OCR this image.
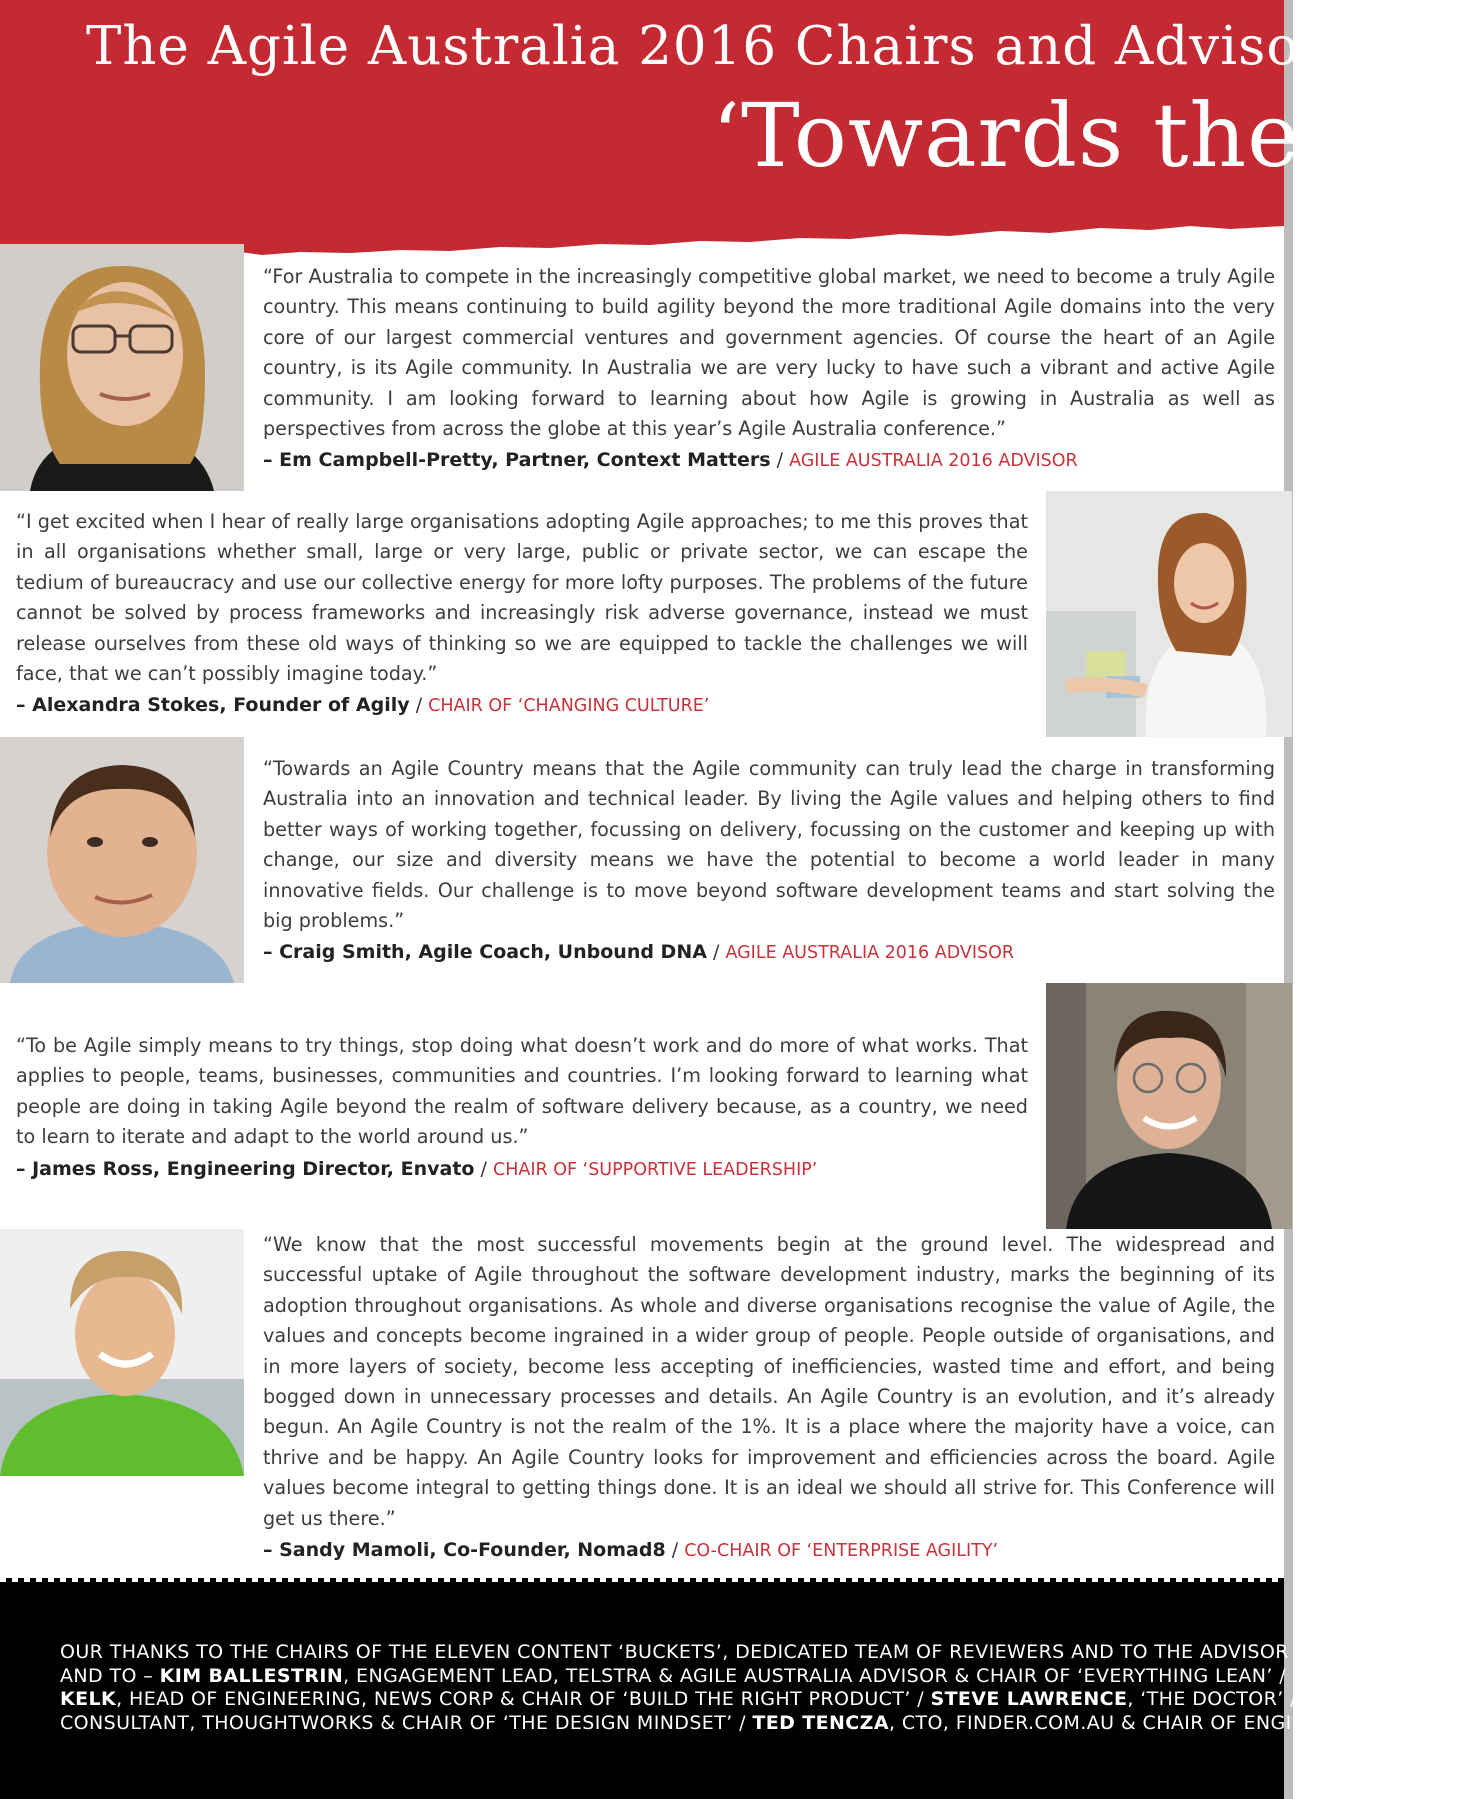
The Agile Australia 2016 Chairs and Advisors sha
‘Towards the A

“For Australia to compete in the increasingly competitive global market, we need to become a truly Agile country. This means continuing to build agility beyond the more traditional Agile domains into the very core of our largest commercial ventures and government agencies. Of course the heart of an Agile country, is its Agile community. In Australia we are very lucky to have such a vibrant and active Agile community. I am looking forward to learning about how Agile is growing in Australia as well as perspectives from across the globe at this year’s Agile Australia conference.”

– Em Campbell-Pretty, Partner, Context Matters / AGILE AUSTRALIA 2016 ADVISOR

“I get excited when I hear of really large organisations adopting Agile approaches; to me this proves that in all organisations whether small, large or very large, public or private sector, we can escape the tedium of bureaucracy and use our collective energy for more lofty purposes. The problems of the future cannot be solved by process frameworks and increasingly risk adverse governance, instead we must release ourselves from these old ways of thinking so we are equipped to tackle the challenges we will face, that we can’t possibly imagine today.”

– Alexandra Stokes, Founder of Agily / CHAIR OF ‘CHANGING CULTURE’

“Towards an Agile Country means that the Agile community can truly lead the charge in transforming Australia into an innovation and technical leader. By living the Agile values and helping others to find better ways of working together, focussing on delivery, focussing on the customer and keeping up with change, our size and diversity means we have the potential to become a world leader in many innovative fields. Our challenge is to move beyond software development teams and start solving the big problems.”

– Craig Smith, Agile Coach, Unbound DNA / AGILE AUSTRALIA 2016 ADVISOR

“To be Agile simply means to try things, stop doing what doesn’t work and do more of what works. That applies to people, teams, businesses, communities and countries. I’m looking forward to learning what people are doing in taking Agile beyond the realm of software delivery because, as a country, we need to learn to iterate and adapt to the world around us.”

– James Ross, Engineering Director, Envato / CHAIR OF ‘SUPPORTIVE LEADERSHIP’

“We know that the most successful movements begin at the ground level. The widespread and successful uptake of Agile throughout the software development industry, marks the beginning of its adoption throughout organisations. As whole and diverse organisations recognise the value of Agile, the values and concepts become ingrained in a wider group of people. People outside of organisations, and in more layers of society, become less accepting of inefficiencies, wasted time and effort, and being bogged down in unnecessary processes and details. An Agile Country is an evolution, and it’s already begun. An Agile Country is not the realm of the 1%. It is a place where the majority have a voice, can thrive and be happy. An Agile Country looks for improvement and efficiencies across the board. Agile values become integral to getting things done. It is an ideal we should all strive for. This Conference will get us there.”

– Sandy Mamoli, Co-Founder, Nomad8 / CO-CHAIR OF ‘ENTERPRISE AGILITY’
OUR THANKS TO THE CHAIRS OF THE ELEVEN CONTENT ‘BUCKETS’, DEDICATED TEAM OF REVIEWERS AND TO THE ADVISOR
AND TO – KIM BALLESTRIN, ENGAGEMENT LEAD, TELSTRA & AGILE AUSTRALIA ADVISOR & CHAIR OF ‘EVERYTHING LEAN’ / NIG
KELK, HEAD OF ENGINEERING, NEWS CORP & CHAIR OF ‘BUILD THE RIGHT PRODUCT’ / STEVE LAWRENCE, ‘THE DOCTOR’ / NI
CONSULTANT, THOUGHTWORKS & CHAIR OF ‘THE DESIGN MINDSET’ / TED TENCZA, CTO, FINDER.COM.AU & CHAIR OF ENGIN
